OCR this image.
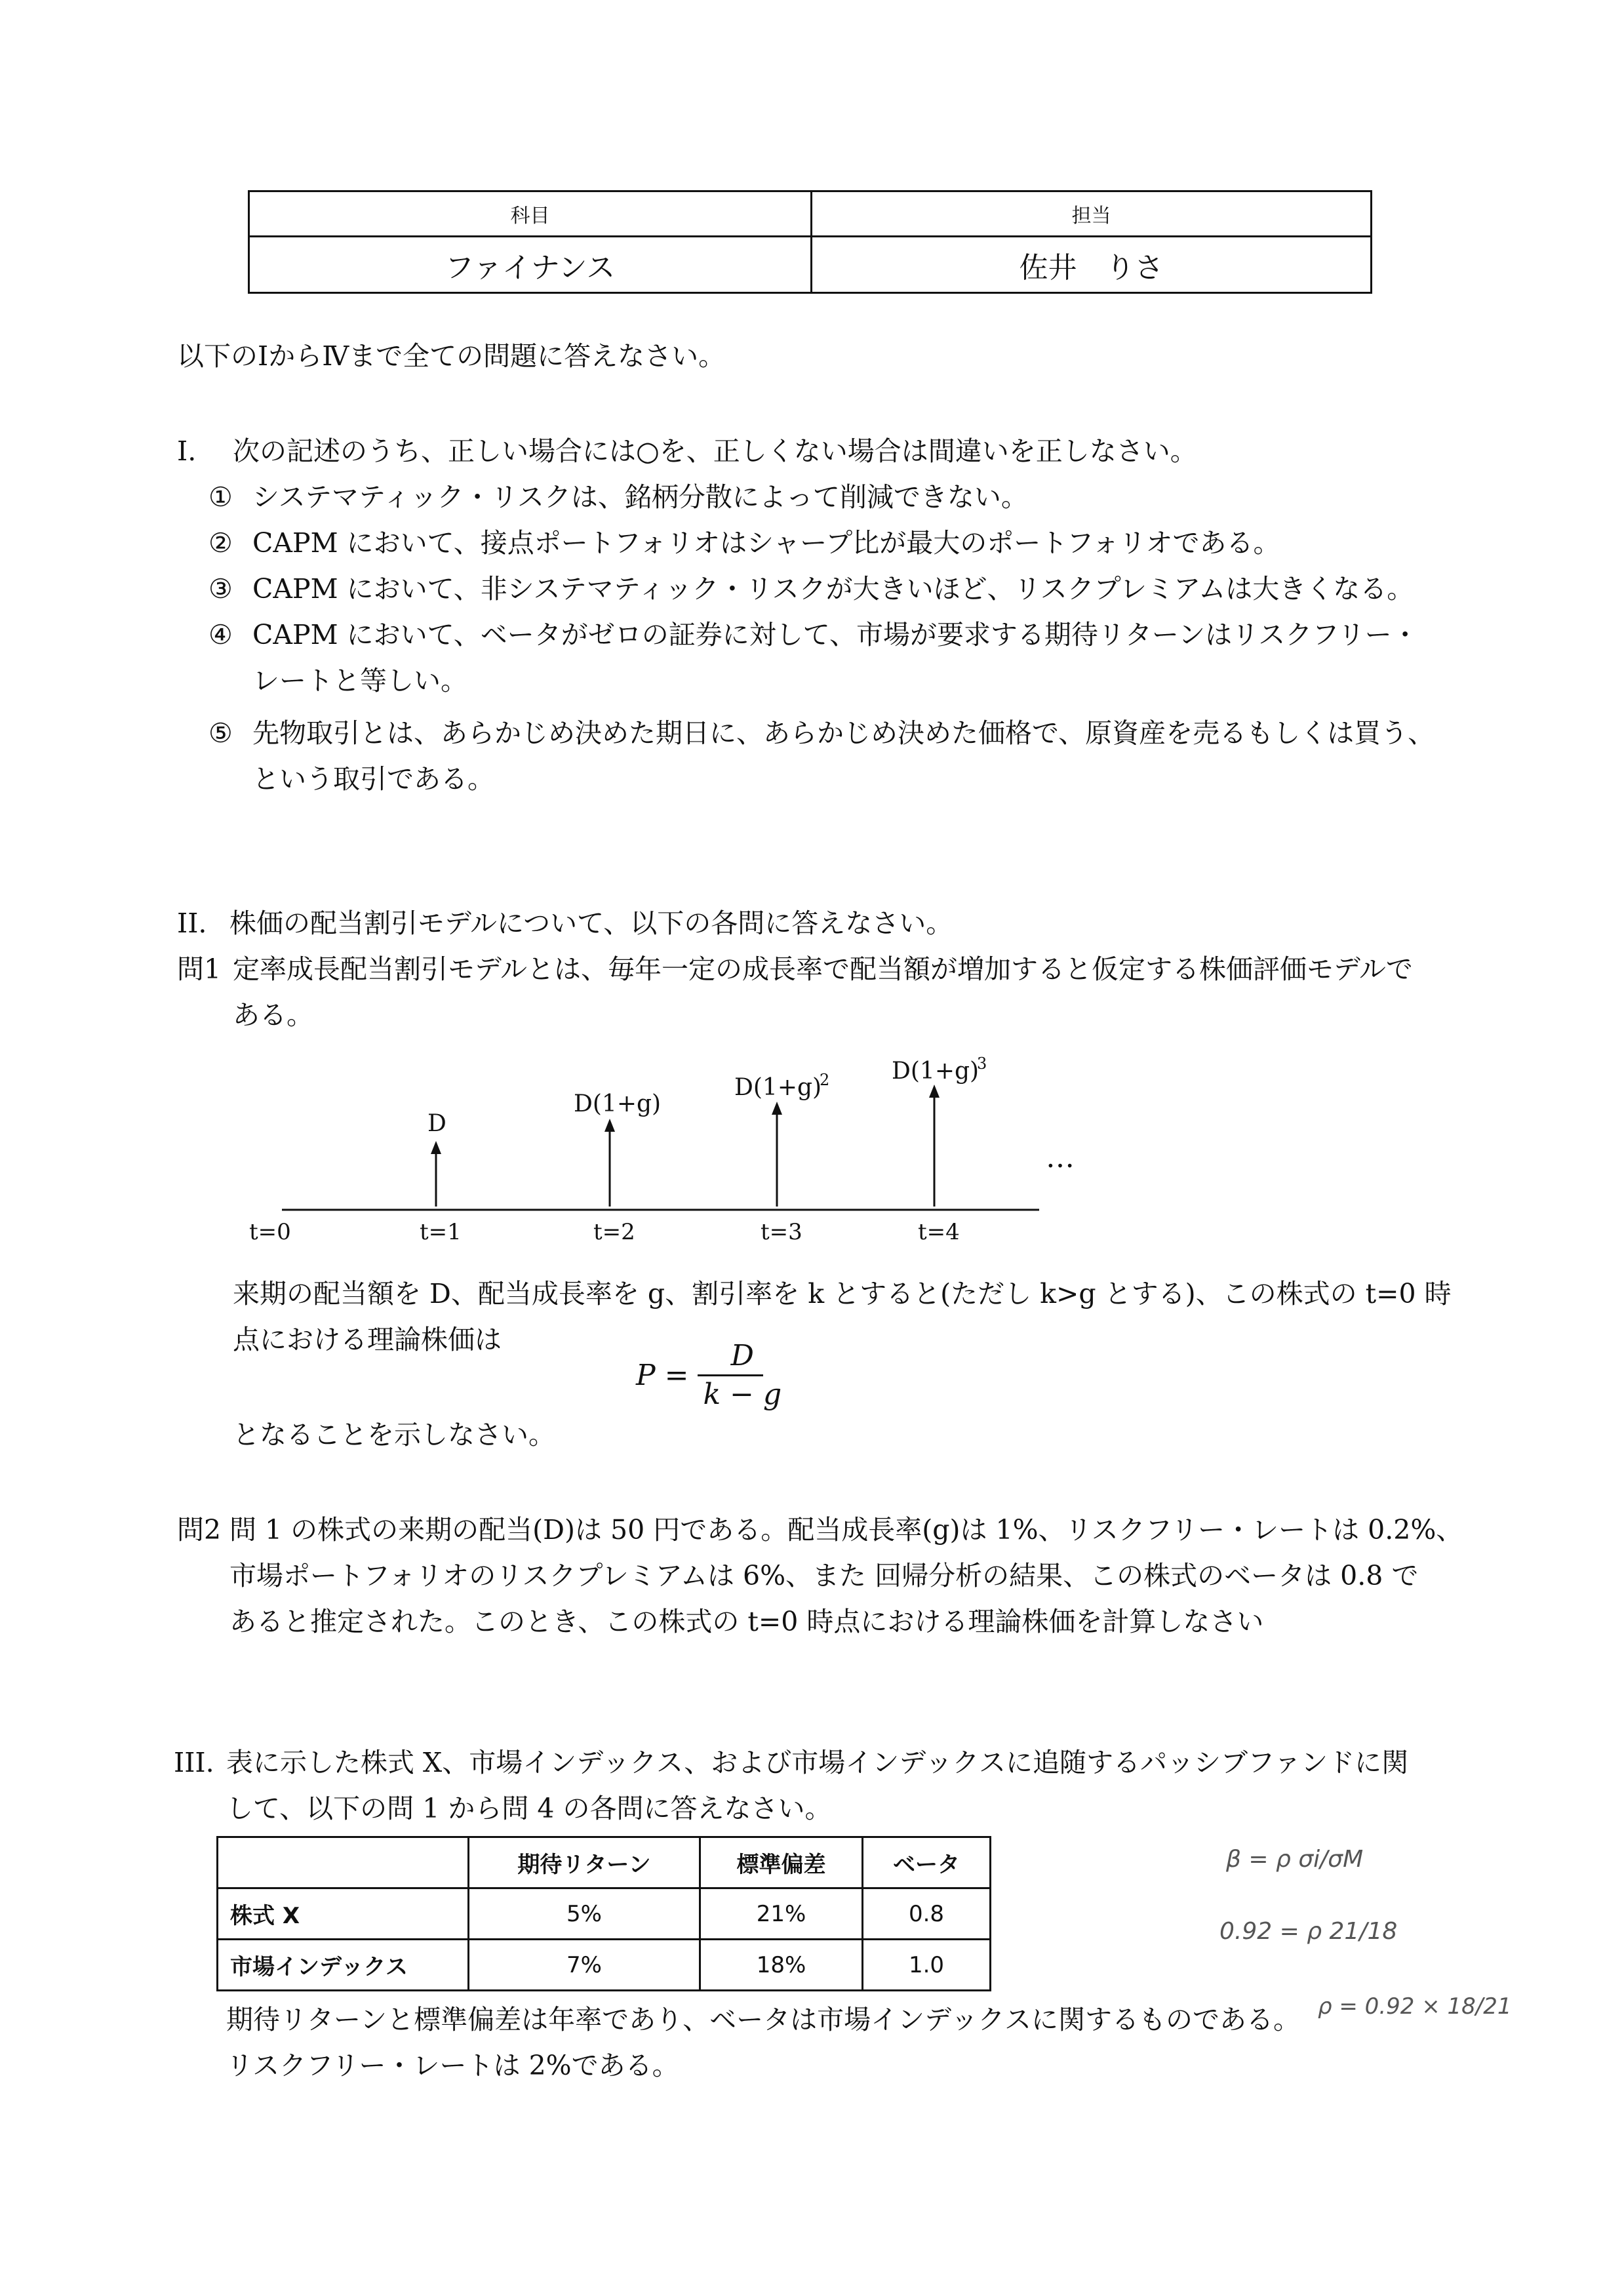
科目	担当
ファイナンス	佐井　りさ
以下のⅠからⅣまで全ての問題に答えなさい。
I. 次の記述のうち、正しい場合には○を、正しくない場合は間違いを正しなさい。
① システマティック・リスクは、銘柄分散によって削減できない。
② CAPM において、接点ポートフォリオはシャープ比が最大のポートフォリオである。
③ CAPM において、非システマティック・リスクが大きいほど、リスクプレミアムは大きくなる。
④ CAPM において、ベータがゼロの証券に対して、市場が要求する期待リターンはリスクフリー・
レートと等しい。
⑤ 先物取引とは、あらかじめ決めた期日に、あらかじめ決めた価格で、原資産を売るもしくは買う、
という取引である。
II. 株価の配当割引モデルについて、以下の各問に答えなさい。
問1 定率成長配当割引モデルとは、毎年一定の成長率で配当額が増加すると仮定する株価評価モデルで
ある。
t=0	t=1	t=2	t=3	t=4
D
D(1+g)
D(1+g)
2	D(1+g)
3
…
来期の配当額を D、配当成長率を g、割引率を k とすると(ただし k>g とする)、この株式の t=0 時
点における理論株価は
$P = \frac{D}{k - g}$
となることを示しなさい。
問2 問 1 の株式の来期の配当(D)は 50 円である。配当成長率(g)は 1%、リスクフリー・レートは 0.2%、
市場ポートフォリオのリスクプレミアムは 6%、また 回帰分析の結果、この株式のベータは 0.8 で
あると推定された。このとき、この株式の t=0 時点における理論株価を計算しなさい
III. 表に示した株式 X、市場インデックス、および市場インデックスに追随するパッシブファンドに関
して、以下の問 1 から問 4 の各問に答えなさい。
	期待リターン	標準偏差	ベータ
株式 X	5%	21%	0.8
市場インデックス	7%	18%	1.0
β = ρ σi/σM
0.92 = ρ 21/18
ρ = 0.92 × 18/21
期待リターンと標準偏差は年率であり、ベータは市場インデックスに関するものである。
リスクフリー・レートは 2%である。
